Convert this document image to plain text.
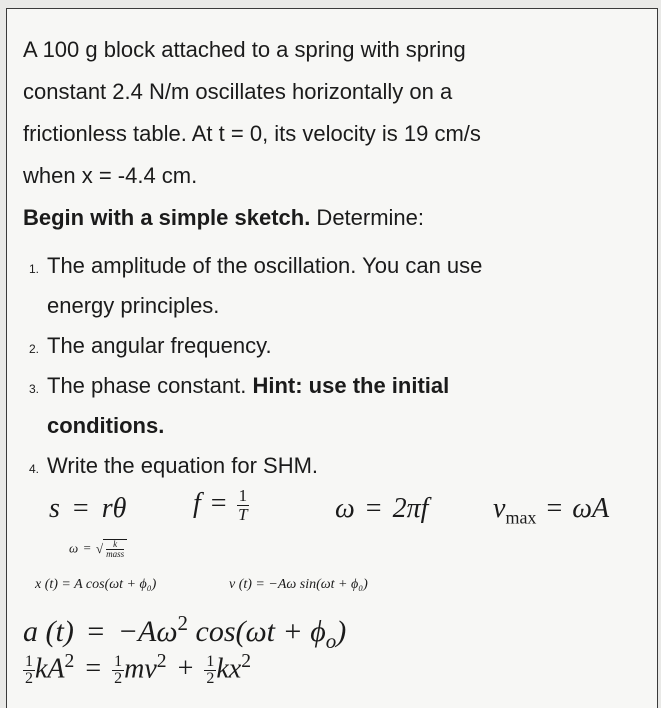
A 100 g block attached to a spring with spring
constant 2.4 N/m oscillates horizontally on a
frictionless table. At t = 0, its velocity is 19 cm/s
when x = -4.4 cm.
Begin with a simple sketch. Determine:
1. The amplitude of the oscillation. You can use
energy principles.
2. The angular frequency.
3. The phase constant. Hint: use the initial
conditions.
4. Write the equation for SHM.
s = rθ $f = \frac{1}{T}$	ω = 2πf $v_{max} = \omega A$
ω = √ $\frac{k}{\text{mass}}$
x (t) = A cos(ωt + ϕ₀)	v (t) = −Aω sin(ωt + ϕ₀)
a $(t) = -A\omega^2$ $\cos(\omega t + \phi_o)$
$\frac{1}{2} kA^2 = \frac{1}{2} mv^2 + \frac{1}{2} kx^2$
